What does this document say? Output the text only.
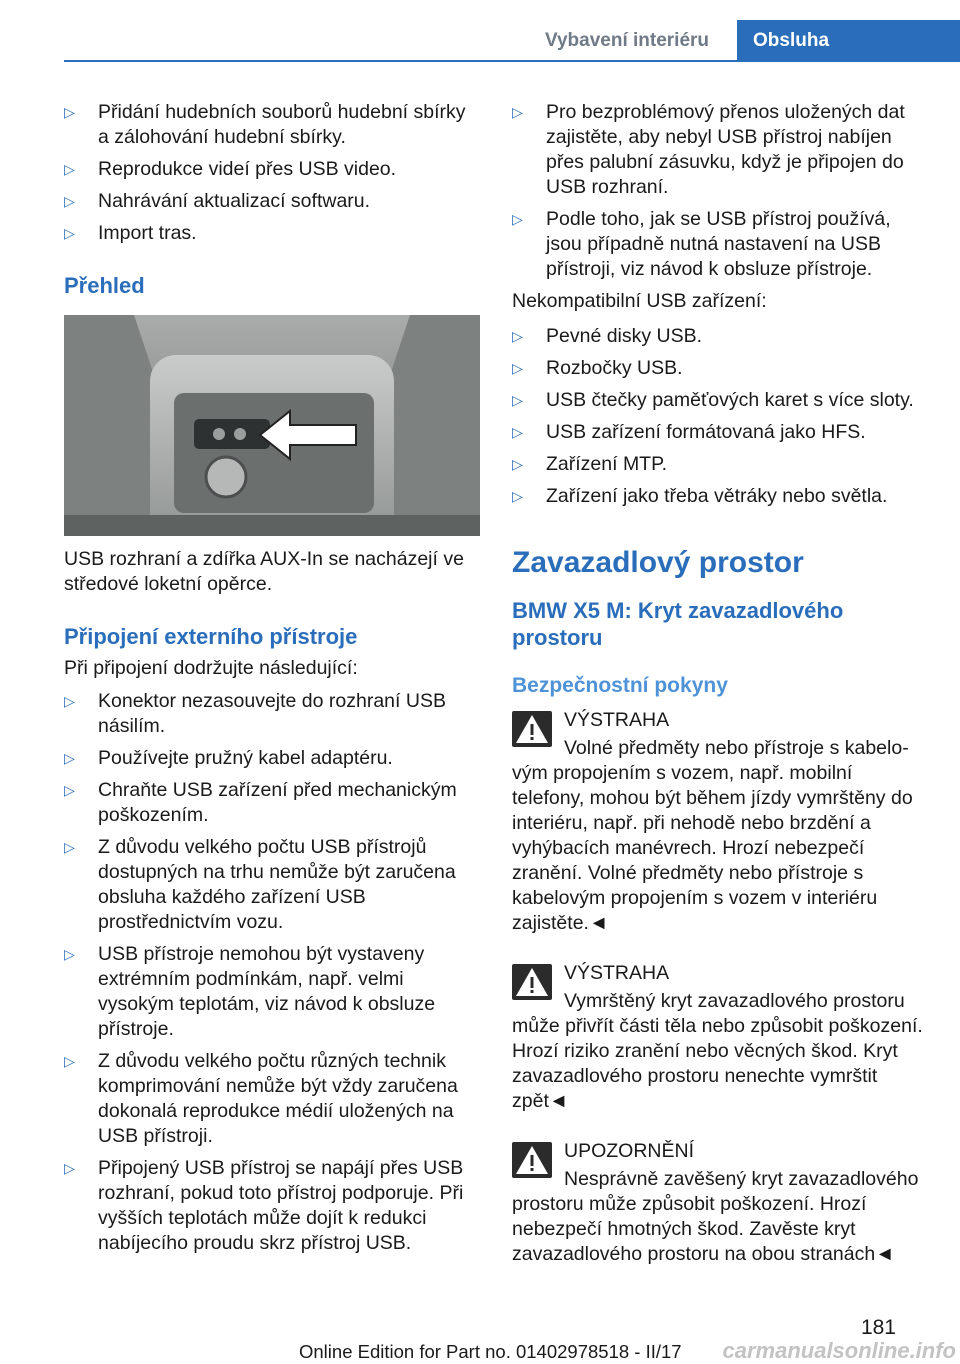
Vybavení interiéru	Obsluha
▷ Přidání hudebních souborů hudební sbírky a zálohování hudební sbírky.
▷ Reprodukce videí přes USB video.
▷ Nahrávání aktualizací softwaru.
▷ Import tras.
Přehled

USB rozhraní a zdířka AUX-In se nacházejí ve středové loketní opěrce.

Připojení externího přístroje

Při připojení dodržujte následující:

▷ Konektor nezasouvejte do rozhraní USB násilím.
▷ Používejte pružný kabel adaptéru.
▷ Chraňte USB zařízení před mechanickým poškozením.
▷ Z důvodu velkého počtu USB přístrojů dostupných na trhu nemůže být zaručena obsluha každého zařízení USB prostřednictvím vozu.
▷ USB přístroje nemohou být vystaveny extrémním podmínkám, např. velmi vysokým teplotám, viz návod k obsluze přístroje.
▷ Z důvodu velkého počtu různých technik komprimování nemůže být vždy zaručena dokonalá reprodukce médií uložených na USB přístroji.
▷ Připojený USB přístroj se napájí přes USB rozhraní, pokud toto přístroj podporuje. Při vyšších teplotách může dojít k redukci nabíjecího proudu skrz přístroj USB.
▷ Pro bezproblémový přenos uložených dat zajistěte, aby nebyl USB přístroj nabíjen přes palubní zásuvku, když je připojen do USB rozhraní.
▷ Podle toho, jak se USB přístroj používá, jsou případně nutná nastavení na USB přístroji, viz návod k obsluze přístroje.

Nekompatibilní USB zařízení:

▷ Pevné disky USB.
▷ Rozbočky USB.
▷ USB čtečky paměťových karet s více sloty.
▷ USB zařízení formátovaná jako HFS.
▷ Zařízení MTP.
▷ Zařízení jako třeba větráky nebo světla.
Zavazadlový prostor
BMW X5 M: Kryt zavazadlového prostoru
Bezpečnostní pokyny
VÝSTRAHA
Volné předměty nebo přístroje s kabelo-
vým propojením s vozem, např. mobilní telefony, mohou být během jízdy vymrštěny do interiéru, např. při nehodě nebo brzdění a vyhýbacích manévrech. Hrozí nebezpečí zranění. Volné předměty nebo přístroje s kabelovým propojením s vozem v interiéru zajistěte.◄
VÝSTRAHA
Vymrštěný kryt zavazadlového prostoru
může přivřít části těla nebo způsobit poškození. Hrozí riziko zranění nebo věcných škod. Kryt zavazadlového prostoru nenechte vymrštit zpět◄
UPOZORNĚNÍ
Nesprávně zavěšený kryt zavazadlového
prostoru může způsobit poškození. Hrozí nebezpečí hmotných škod. Zavěste kryt zavazadlového prostoru na obou stranách◄
181
Online Edition for Part no. 01402978518 - II/17 carmanualsonline.info
